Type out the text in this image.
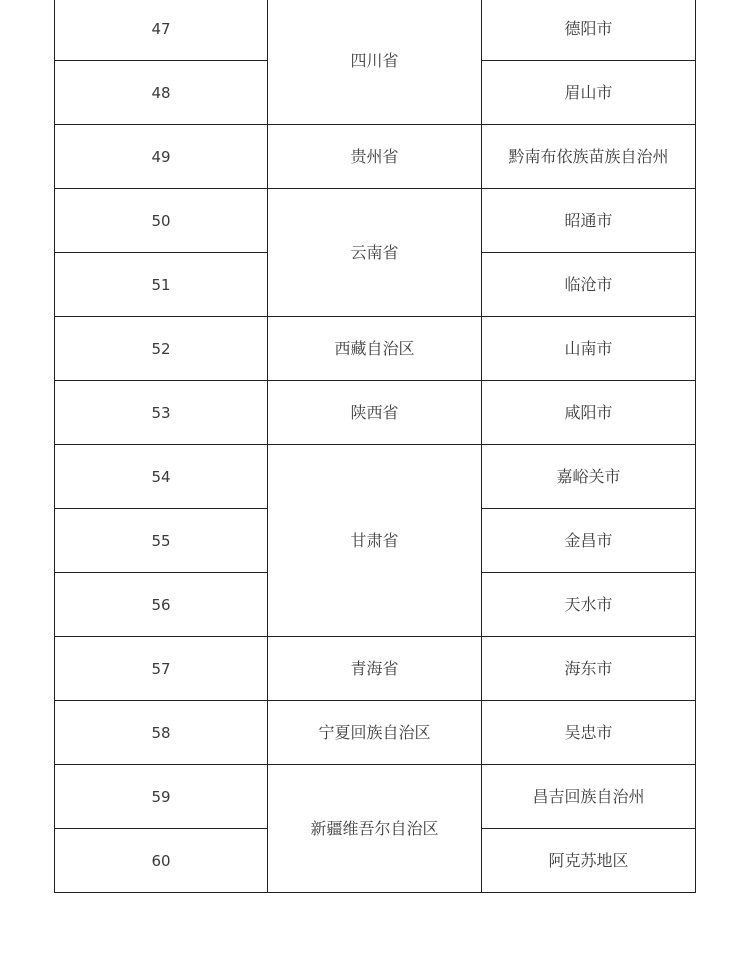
47	四川省	德阳市
48		眉山市
49	贵州省	黔南布依族苗族自治州
50	云南省	昭通市
51		临沧市
52	西藏自治区	山南市
53	陕西省	咸阳市
54	甘肃省	嘉峪关市
55		金昌市
56		天水市
57	青海省	海东市
58	宁夏回族自治区	吴忠市
59	新疆维吾尔自治区	昌吉回族自治州
60		阿克苏地区
